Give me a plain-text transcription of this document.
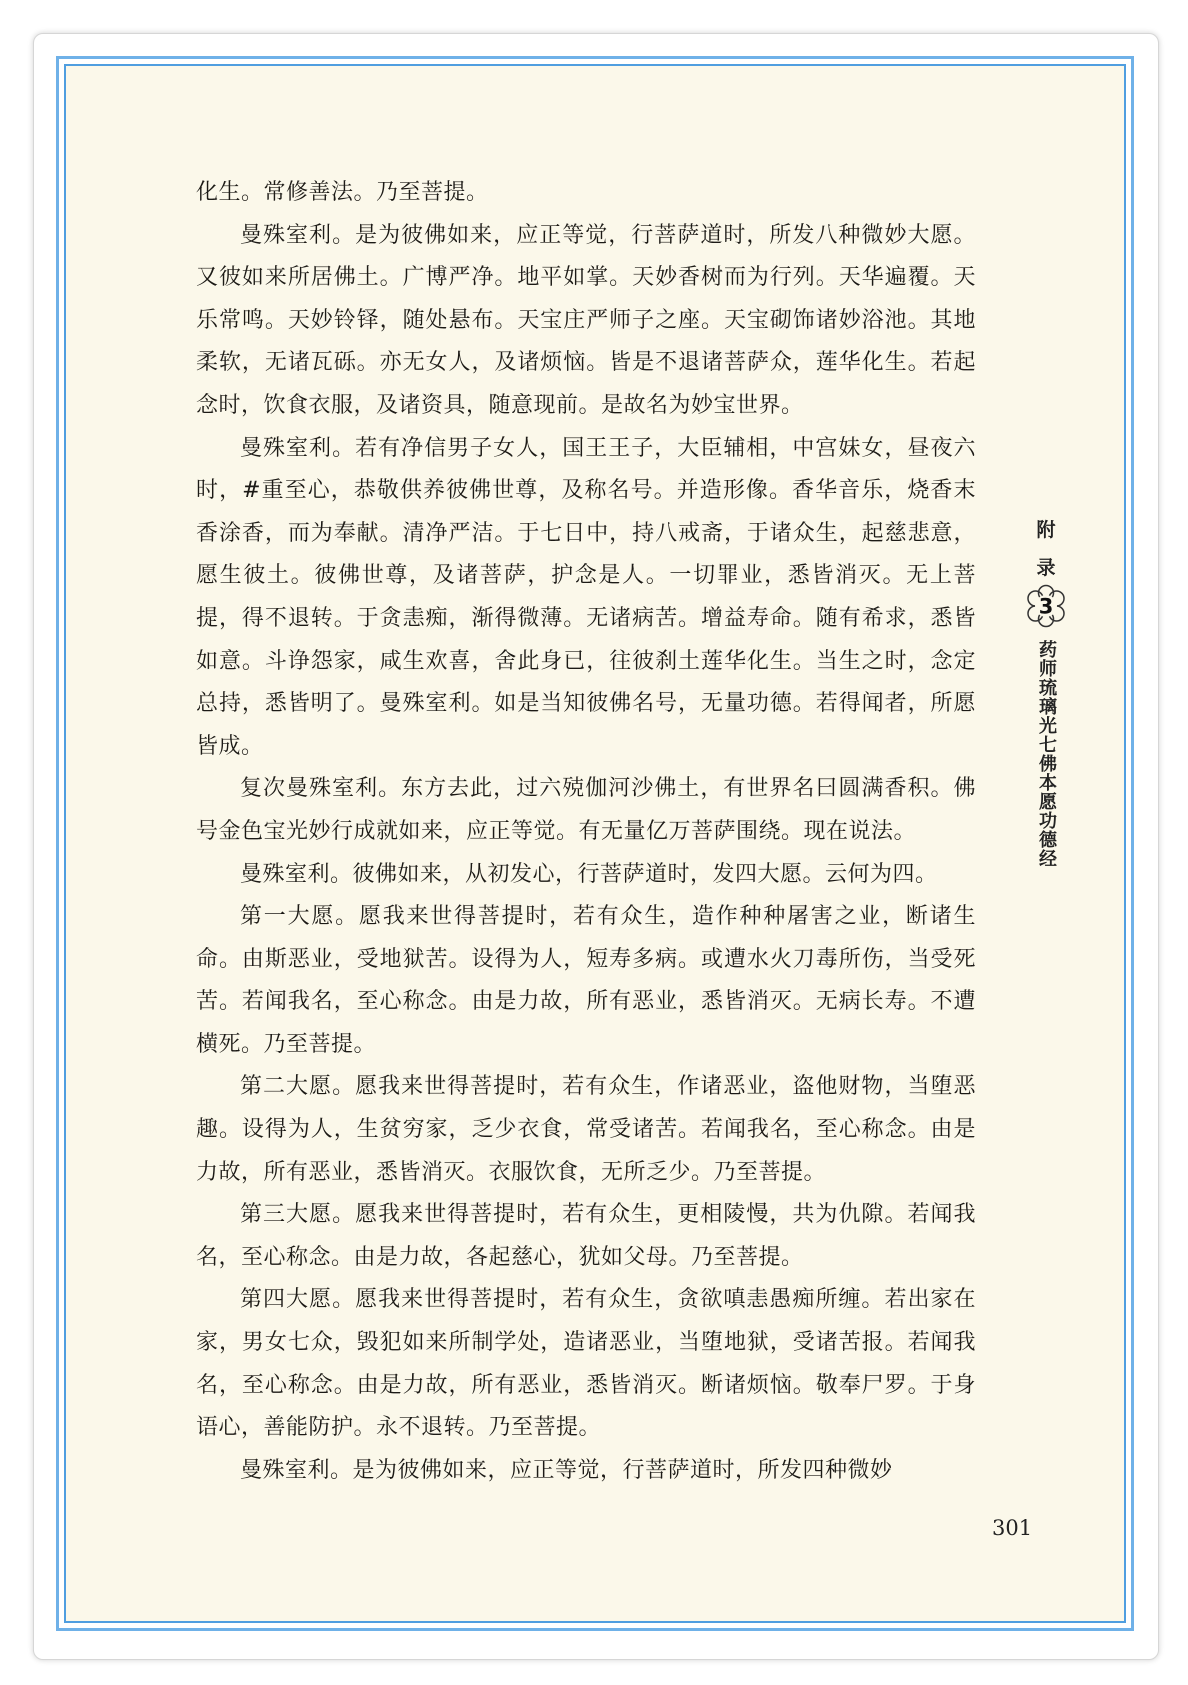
化生。常修善法。乃至菩提。

曼殊室利。是为彼佛如来，应正等觉，行菩萨道时，所发八种微妙大愿。又彼如来所居佛土。广博严净。地平如掌。天妙香树而为行列。天华遍覆。天乐常鸣。天妙铃铎，随处悬布。天宝庄严师子之座。天宝砌饰诸妙浴池。其地柔软，无诸瓦砾。亦无女人，及诸烦恼。皆是不退诸菩萨众，莲华化生。若起念时，饮食衣服，及诸资具，随意现前。是故名为妙宝世界。

曼殊室利。若有净信男子女人，国王王子，大臣辅相，中宫妹女，昼夜六时，#重至心，恭敬供养彼佛世尊，及称名号。并造形像。香华音乐，烧香末香涂香，而为奉献。清净严洁。于七日中，持八戒斋，于诸众生，起慈悲意，愿生彼土。彼佛世尊，及诸菩萨，护念是人。一切罪业，悉皆消灭。无上菩提，得不退转。于贪恚痴，渐得微薄。无诸病苦。增益寿命。随有希求，悉皆如意。斗诤怨家，咸生欢喜，舍此身已，往彼刹土莲华化生。当生之时，念定总持，悉皆明了。曼殊室利。如是当知彼佛名号，无量功德。若得闻者，所愿皆成。

复次曼殊室利。东方去此，过六殑伽河沙佛土，有世界名曰圆满香积。佛号金色宝光妙行成就如来，应正等觉。有无量亿万菩萨围绕。现在说法。

曼殊室利。彼佛如来，从初发心，行菩萨道时，发四大愿。云何为四。

第一大愿。愿我来世得菩提时，若有众生，造作种种屠害之业，断诸生命。由斯恶业，受地狱苦。设得为人，短寿多病。或遭水火刀毒所伤，当受死苦。若闻我名，至心称念。由是力故，所有恶业，悉皆消灭。无病长寿。不遭横死。乃至菩提。

第二大愿。愿我来世得菩提时，若有众生，作诸恶业，盗他财物，当堕恶趣。设得为人，生贫穷家，乏少衣食，常受诸苦。若闻我名，至心称念。由是力故，所有恶业，悉皆消灭。衣服饮食，无所乏少。乃至菩提。

第三大愿。愿我来世得菩提时，若有众生，更相陵慢，共为仇隙。若闻我名，至心称念。由是力故，各起慈心，犹如父母。乃至菩提。

第四大愿。愿我来世得菩提时，若有众生，贪欲嗔恚愚痴所缠。若出家在家，男女七众，毁犯如来所制学处，造诸恶业，当堕地狱，受诸苦报。若闻我名，至心称念。由是力故，所有恶业，悉皆消灭。断诸烦恼。敬奉尸罗。于身语心，善能防护。永不退转。乃至菩提。

曼殊室利。是为彼佛如来，应正等觉，行菩萨道时，所发四种微妙

附
录
3
药师琉璃光七佛本愿功德经
301
